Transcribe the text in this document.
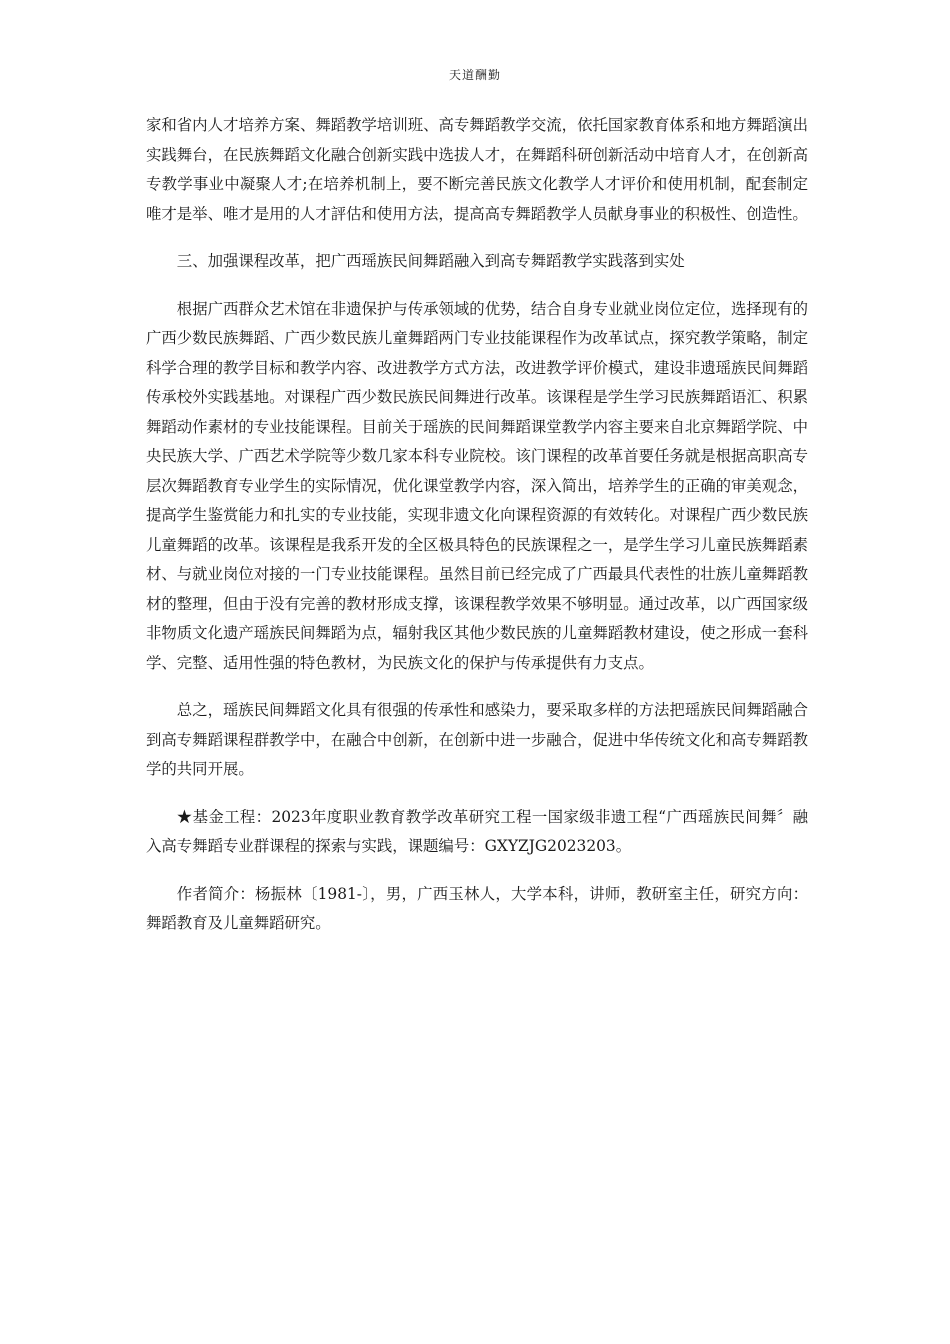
天道酬勤

家和省内人才培养方案、舞蹈教学培训班、高专舞蹈教学交流，依托国家教育体系和地方舞蹈演出实践舞台，在民族舞蹈文化融合创新实践中选拔人才，在舞蹈科研创新活动中培育人才，在创新高专教学事业中凝聚人才;在培养机制上，要不断完善民族文化教学人才评价和使用机制，配套制定唯才是举、唯才是用的人才評估和使用方法，提高高专舞蹈教学人员献身事业的积极性、创造性。

三、加强课程改革，把广西瑶族民间舞蹈融入到高专舞蹈教学实践落到实处

根据广西群众艺术馆在非遗保护与传承领域的优势，结合自身专业就业岗位定位，选择现有的广西少数民族舞蹈、广西少数民族儿童舞蹈两门专业技能课程作为改革试点，探究教学策略，制定科学合理的教学目标和教学内容、改进教学方式方法，改进教学评价模式，建设非遗瑶族民间舞蹈传承校外实践基地。对课程广西少数民族民间舞进行改革。该课程是学生学习民族舞蹈语汇、积累舞蹈动作素材的专业技能课程。目前关于瑶族的民间舞蹈课堂教学内容主要来自北京舞蹈学院、中央民族大学、广西艺术学院等少数几家本科专业院校。该门课程的改革首要任务就是根据高职高专层次舞蹈教育专业学生的实际情况，优化课堂教学内容，深入简出，培养学生的正确的审美观念，提高学生鉴赏能力和扎实的专业技能，实现非遗文化向课程资源的有效转化。对课程广西少数民族儿童舞蹈的改革。该课程是我系开发的全区极具特色的民族课程之一，是学生学习儿童民族舞蹈素材、与就业岗位对接的一门专业技能课程。虽然目前已经完成了广西最具代表性的壮族儿童舞蹈教材的整理，但由于没有完善的教材形成支撑，该课程教学效果不够明显。通过改革，以广西国家级非物质文化遗产瑶族民间舞蹈为点，辐射我区其他少数民族的儿童舞蹈教材建设，使之形成一套科学、完整、适用性强的特色教材，为民族文化的保护与传承提供有力支点。

总之，瑶族民间舞蹈文化具有很强的传承性和感染力，要采取多样的方法把瑶族民间舞蹈融合到高专舞蹈课程群教学中，在融合中创新，在创新中进一步融合，促进中华传统文化和高专舞蹈教学的共同开展。

★基金工程：2023年度职业教育教学改革研究工程一国家级非遗工程“广西瑶族民间舞〞融入高专舞蹈专业群课程的探索与实践，课题编号：GXYZJG2023203。

作者简介：杨振林〔1981-〕，男，广西玉林人，大学本科，讲师，教研室主任，研究方向：舞蹈教育及儿童舞蹈研究。
